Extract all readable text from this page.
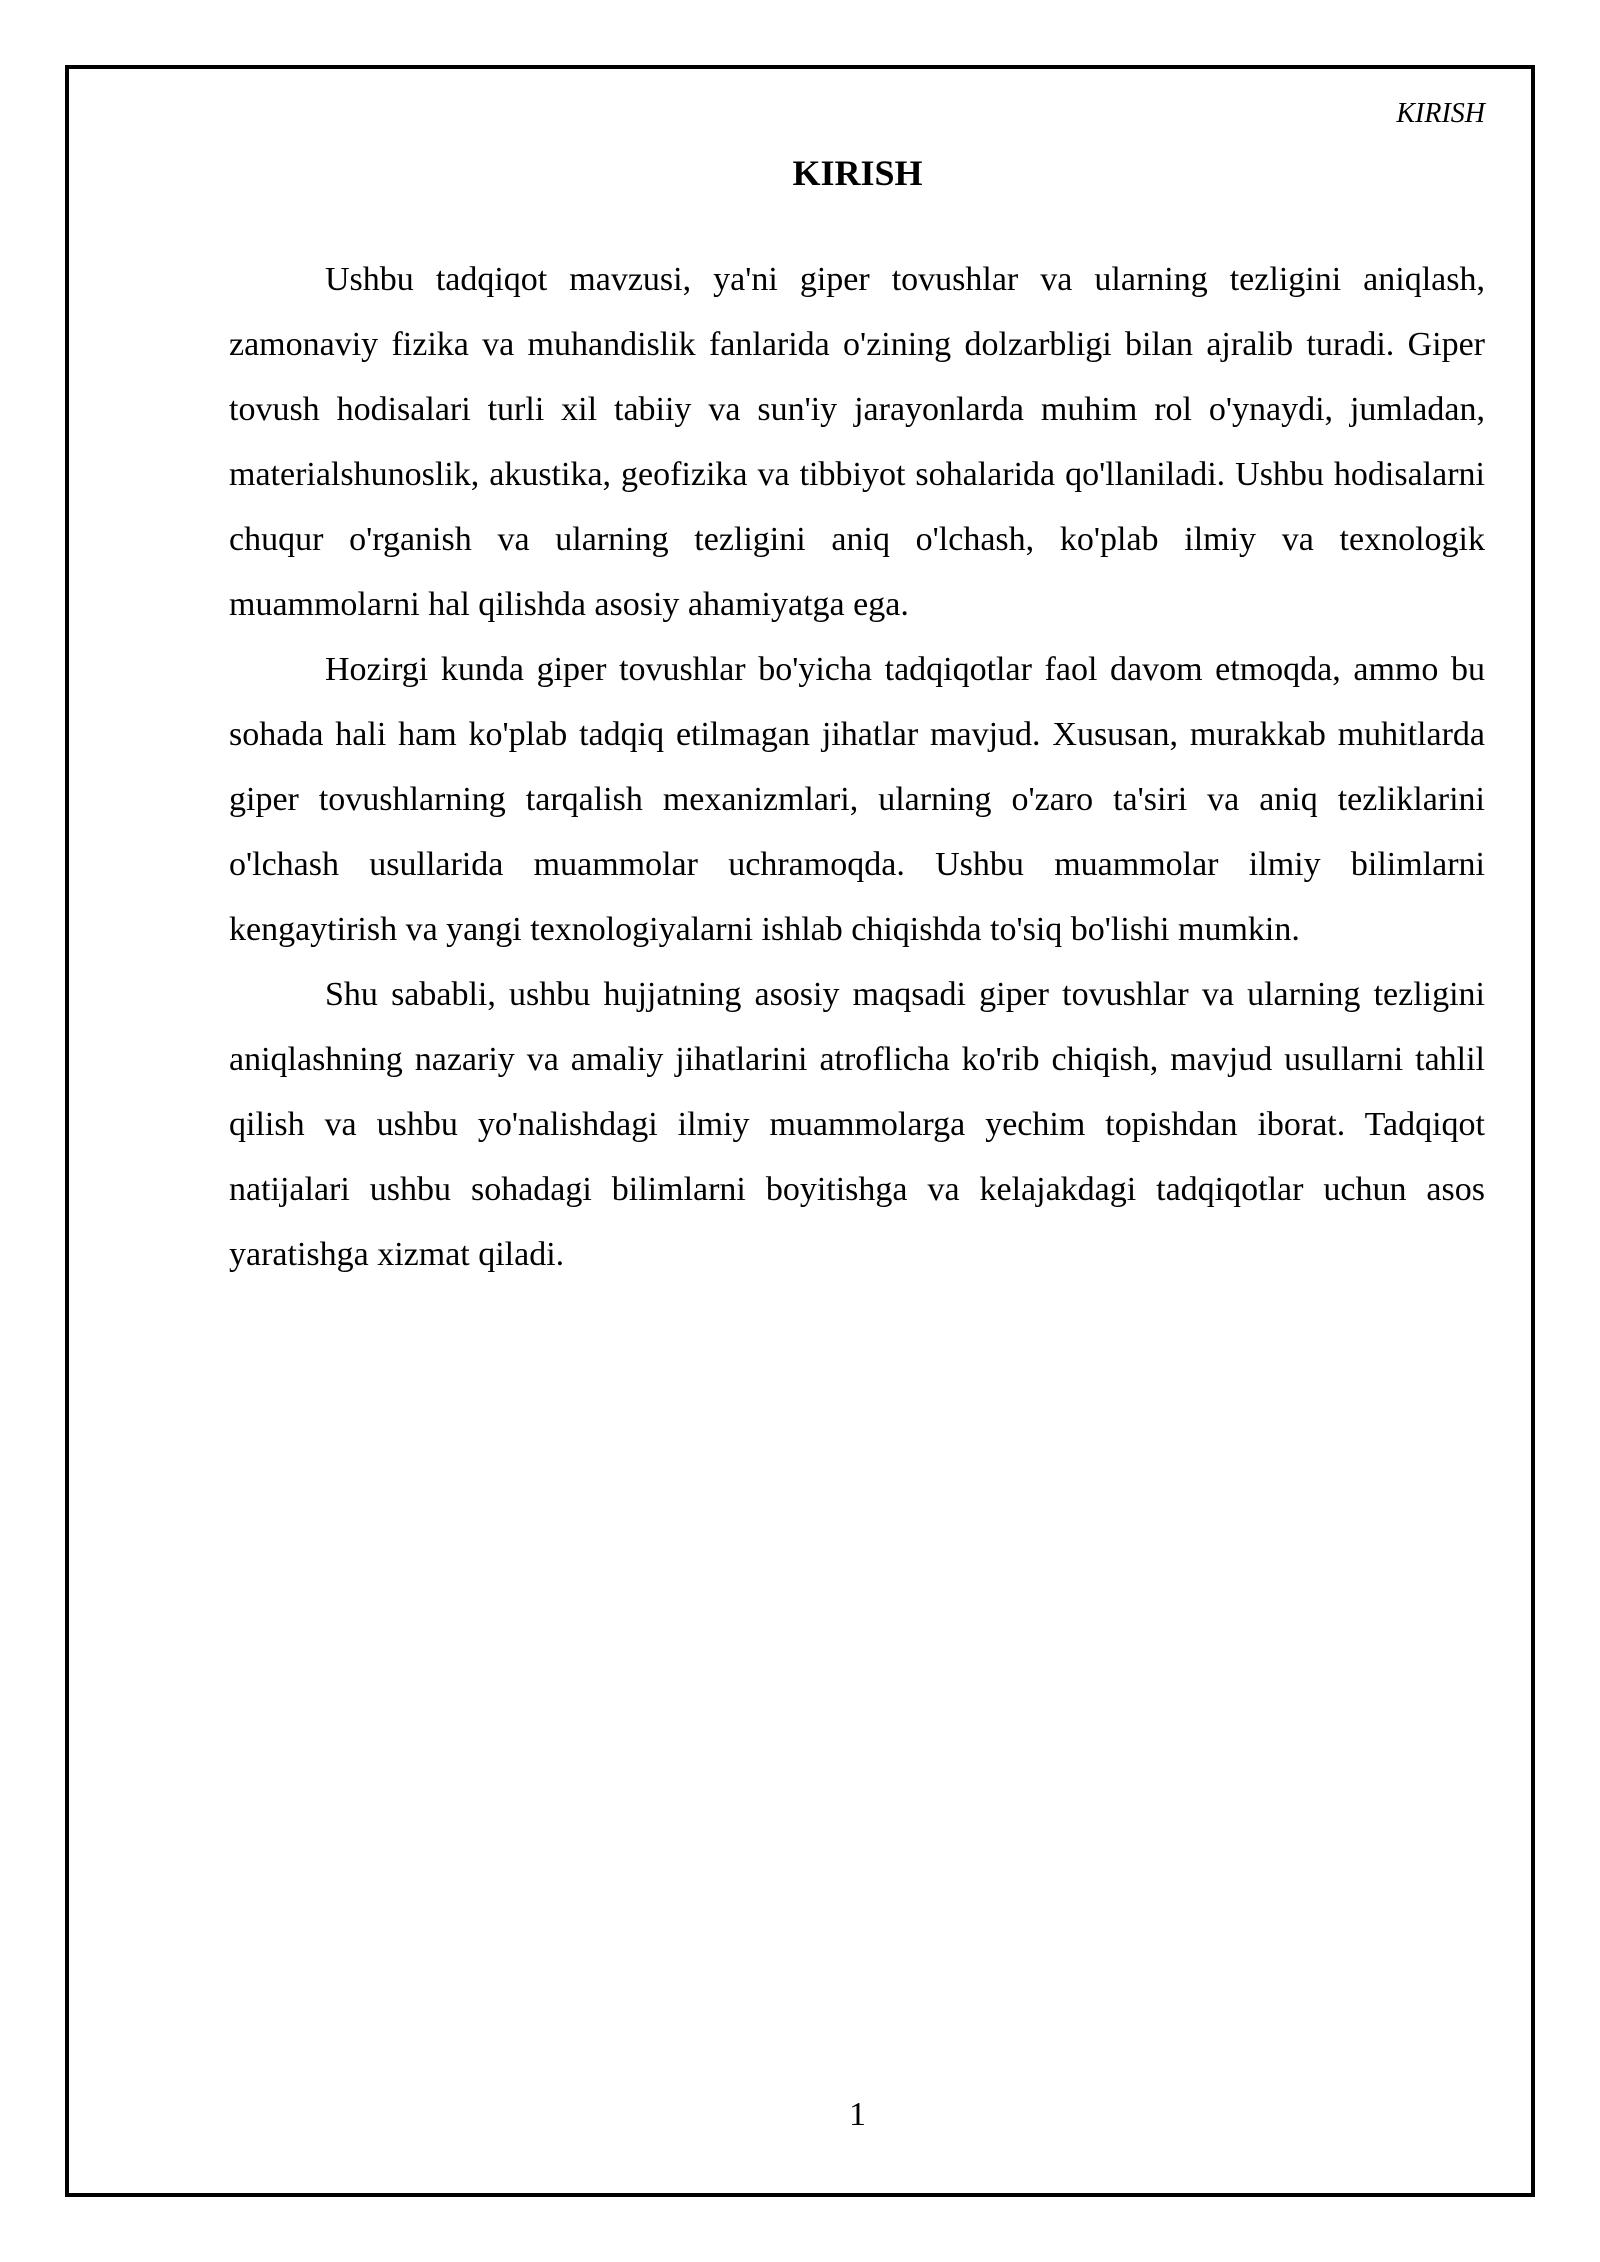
KIRISH
KIRISH

Ushbu tadqiqot mavzusi, ya'ni giper tovushlar va ularning tezligini aniqlash, zamonaviy fizika va muhandislik fanlarida o'zining dolzarbligi bilan ajralib turadi. Giper tovush hodisalari turli xil tabiiy va sun'iy jarayonlarda muhim rol o'ynaydi, jumladan, materialshunoslik, akustika, geofizika va tibbiyot sohalarida qo'llaniladi. Ushbu hodisalarni chuqur o'rganish va ularning tezligini aniq o'lchash, ko'plab ilmiy va texnologik muammolarni hal qilishda asosiy ahamiyatga ega.

Hozirgi kunda giper tovushlar bo'yicha tadqiqotlar faol davom etmoqda, ammo bu sohada hali ham ko'plab tadqiq etilmagan jihatlar mavjud. Xususan, murakkab muhitlarda giper tovushlarning tarqalish mexanizmlari, ularning o'zaro ta'siri va aniq tezliklarini o'lchash usullarida muammolar uchramoqda. Ushbu muammolar ilmiy bilimlarni kengaytirish va yangi texnologiyalarni ishlab chiqishda to'siq bo'lishi mumkin.

Shu sababli, ushbu hujjatning asosiy maqsadi giper tovushlar va ularning tezligini aniqlashning nazariy va amaliy jihatlarini atroflicha ko'rib chiqish, mavjud usullarni tahlil qilish va ushbu yo'nalishdagi ilmiy muammolarga yechim topishdan iborat. Tadqiqot natijalari ushbu sohadagi bilimlarni boyitishga va kelajakdagi tadqiqotlar uchun asos yaratishga xizmat qiladi.

1
